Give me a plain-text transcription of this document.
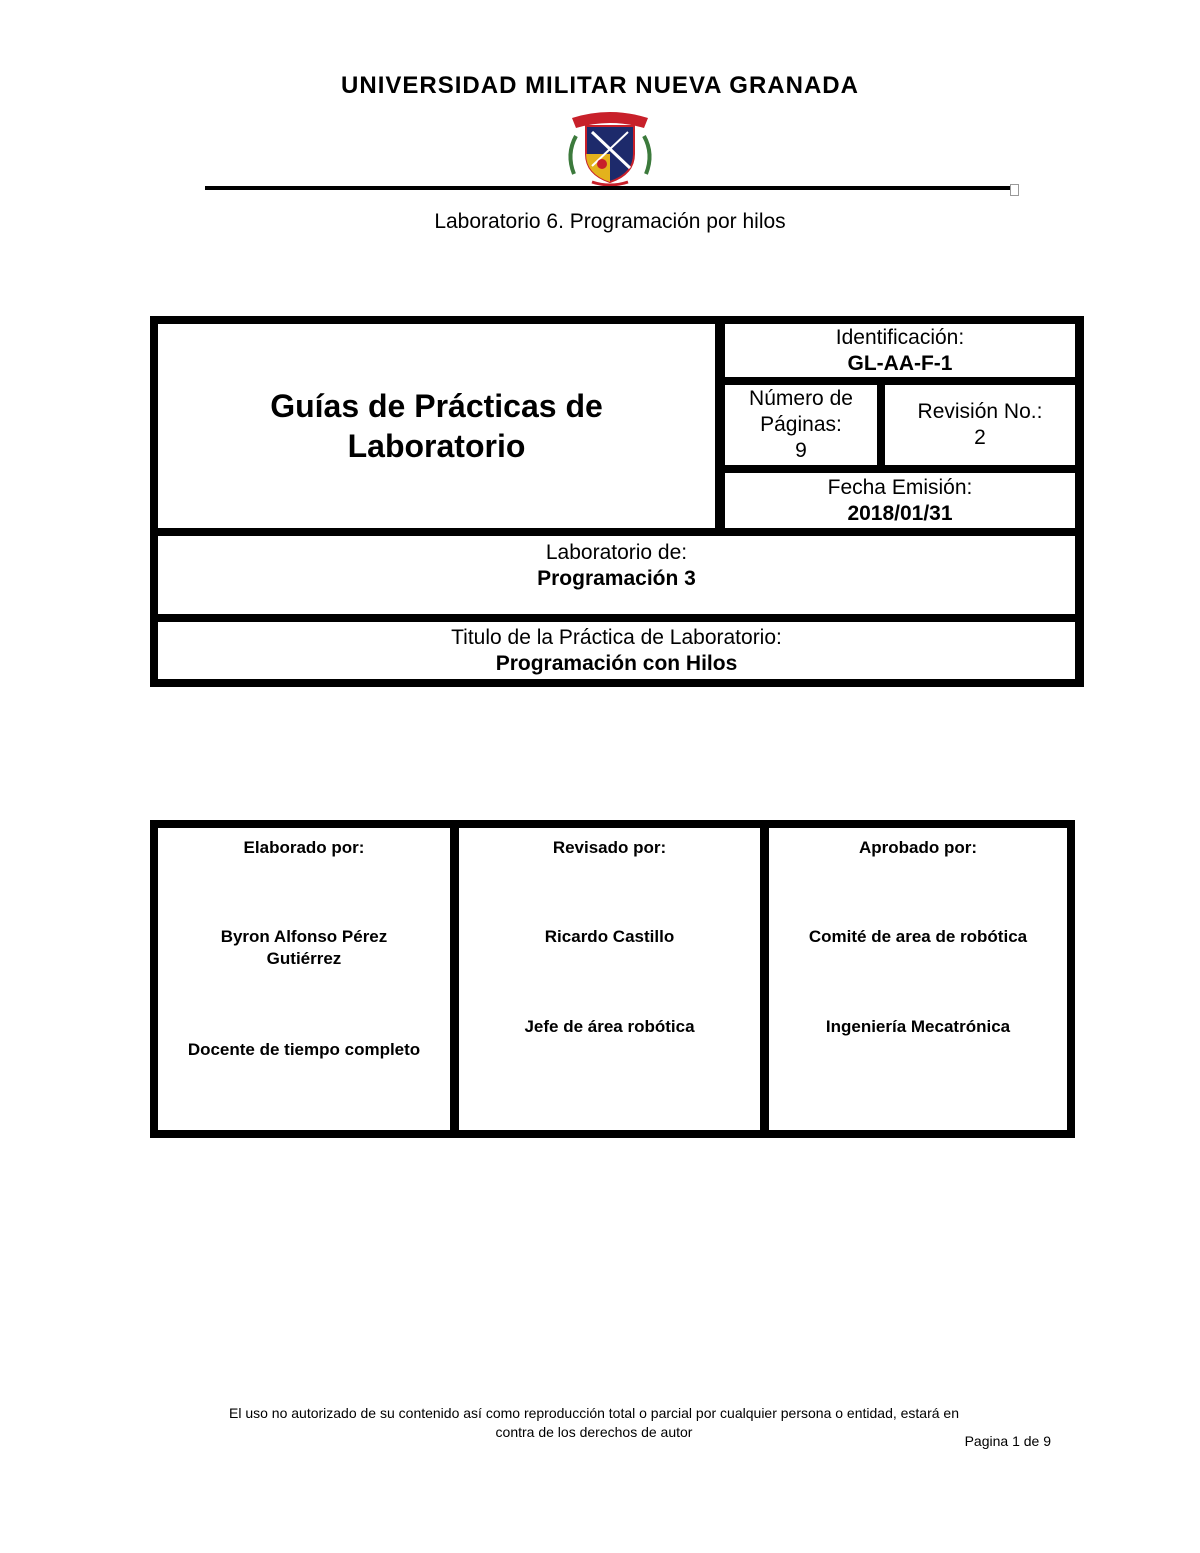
UNIVERSIDAD MILITAR NUEVA GRANADA
Laboratorio 6. Programación por hilos
Guías de Prácticas de
Laboratorio
Identificación:
GL-AA-F-1
Número de
Páginas:
9
Revisión No.:
2
Fecha Emisión:
2018/01/31
Laboratorio de:
Programación 3
Titulo de la Práctica de Laboratorio:
Programación con Hilos
Elaborado por:
Byron Alfonso Pérez
Gutiérrez
Docente de tiempo completo
Revisado por:
Ricardo Castillo
Jefe de área robótica
Aprobado por:
Comité de area de robótica
Ingeniería Mecatrónica
El uso no autorizado de su contenido así como reproducción total o parcial por cualquier persona o entidad, estará en
contra de los derechos de autor
Pagina 1 de 9
